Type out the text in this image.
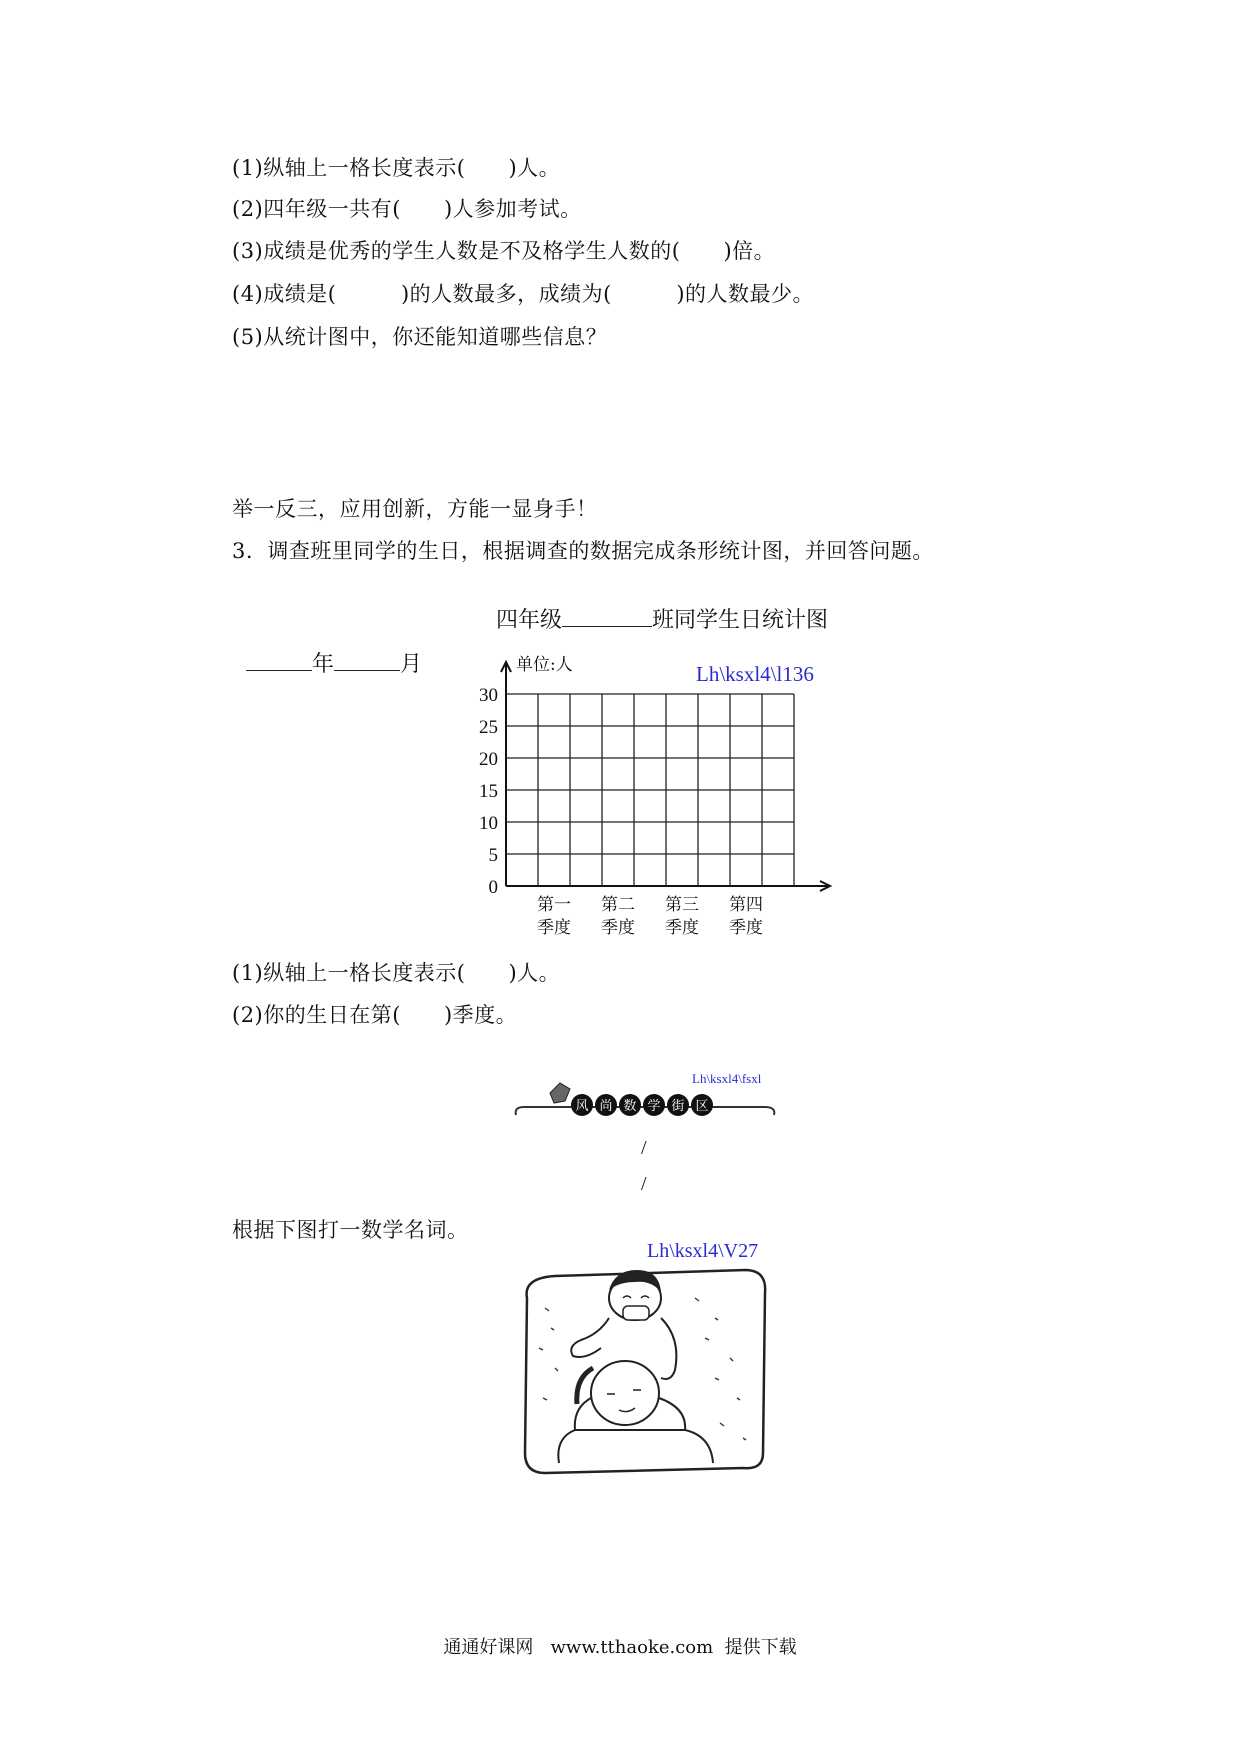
(1)纵轴上一格长度表示(　　)人。
(2)四年级一共有(　　)人参加考试。
(3)成绩是优秀的学生人数是不及格学生人数的(　　)倍。
(4)成绩是(　　　)的人数最多，成绩为(　　　)的人数最少。
(5)从统计图中，你还能知道哪些信息？
举一反三，应用创新，方能一显身手！
3.  调查班里同学的生日，根据调查的数据完成条形统计图，并回答问题。

四年级	班同学生日统计图

年	月

0
5
10
15
20
25
30
单位:人
第一
季度
第二
季度
第三
季度
第四
季度
Lh\ksxl4\l136
(1)纵轴上一格长度表示(　　)人。
(2)你的生日在第(　　)季度。
风 尚 数 学 街 区
Lh\ksxl4\fsxl
/
/
根据下图打一数学名词。
Lh\ksxl4\V27
通通好课网   www.tthaoke.com  提供下载
